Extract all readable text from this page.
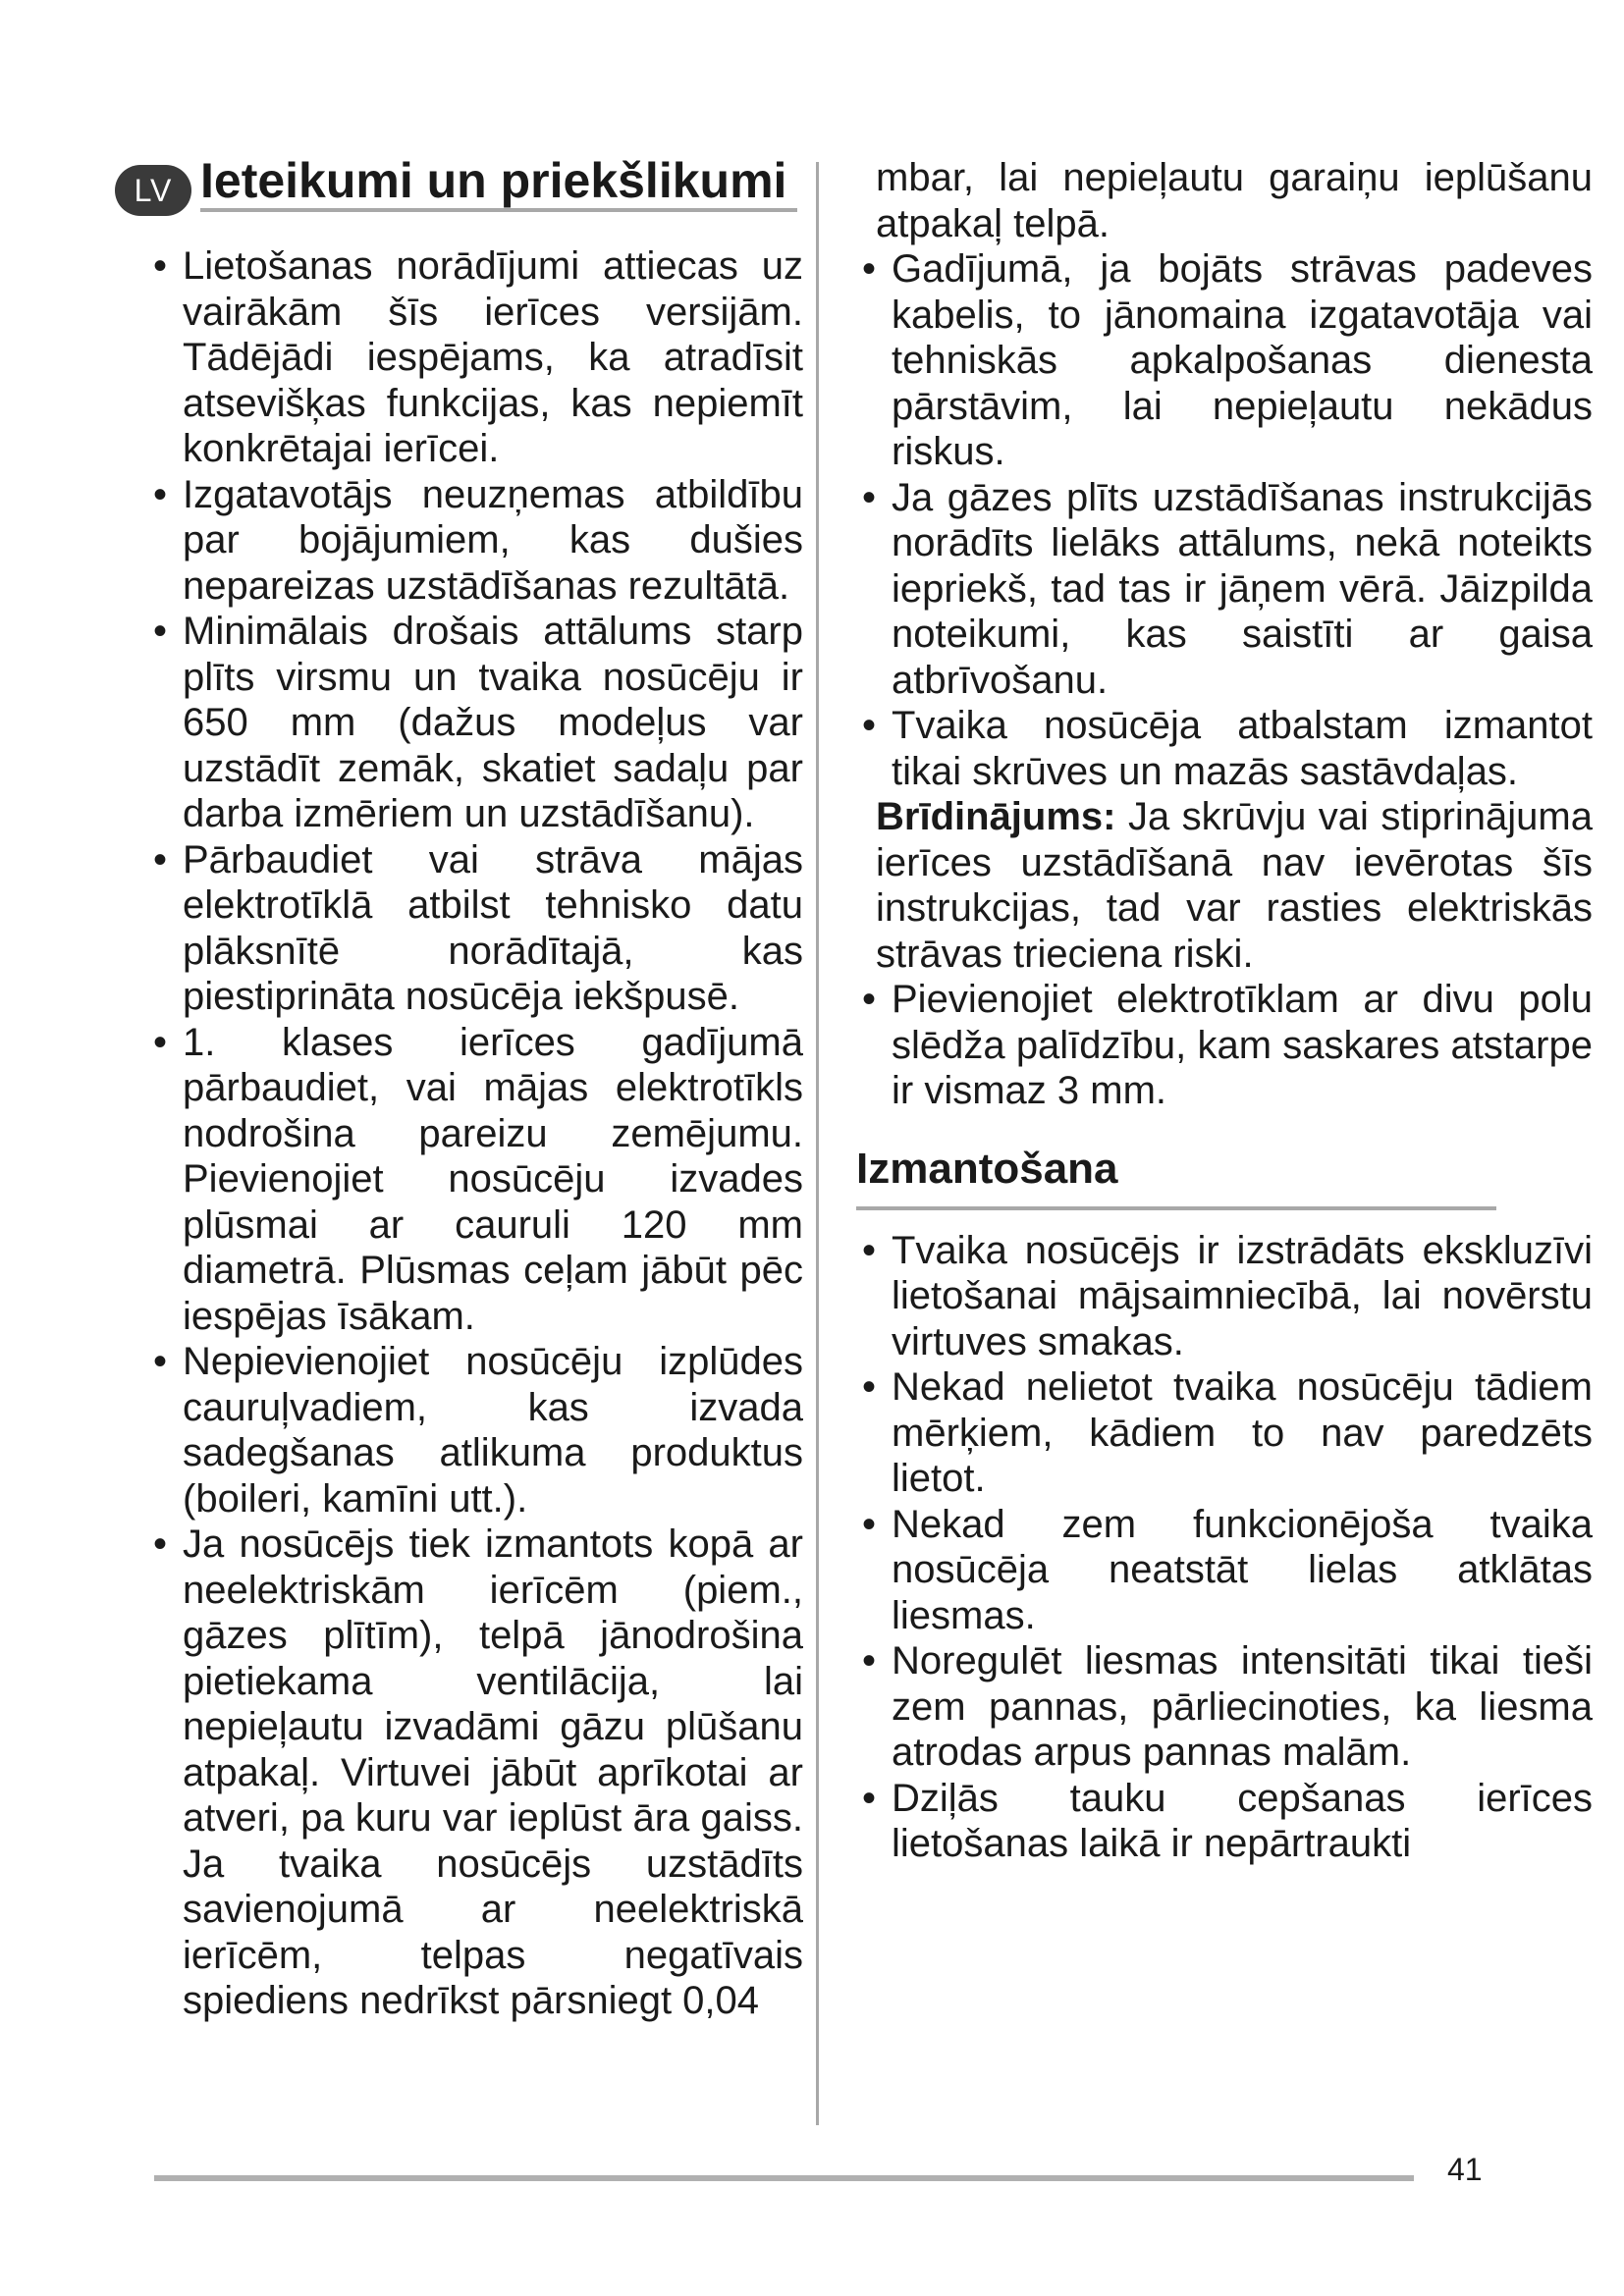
LV Ieteikumi un priekšlikumi
• Lietošanas norādījumi attiecas uz vairākām šīs ierīces versijām. Tādējādi iespējams, ka atradīsit atsevišķas funkcijas, kas nepiemīt konkrētajai ierīcei.
• Izgatavotājs neuzņemas atbildību par bojājumiem, kas dušies nepareizas uzstādīšanas rezultātā.
• Minimālais drošais attālums starp plīts virsmu un tvaika nosūcēju ir 650 mm (dažus modeļus var uzstādīt zemāk, skatiet sadaļu par darba izmēriem un uzstādīšanu).
• Pārbaudiet vai strāva mājas elektrotīklā atbilst tehnisko datu plāksnītē norādītajā, kas piestiprināta nosūcēja iekšpusē.
• 1. klases ierīces gadījumā pārbaudiet, vai mājas elektrotīkls nodrošina pareizu zemējumu. Pievienojiet nosūcēju izvades plūsmai ar cauruli 120 mm diametrā. Plūsmas ceļam jābūt pēc iespējas īsākam.
• Nepievienojiet nosūcēju izplūdes cauruļvadiem, kas izvada sadegšanas atlikuma produktus (boileri, kamīni utt.).
• Ja nosūcējs tiek izmantots kopā ar neelektriskām ierīcēm (piem., gāzes plītīm), telpā jānodrošina pietiekama ventilācija, lai nepieļautu izvadāmi gāzu plūšanu atpakaļ. Virtuvei jābūt aprīkotai ar atveri, pa kuru var ieplūst āra gaiss. Ja tvaika nosūcējs uzstādīts savienojumā ar neelektriskā ierīcēm, telpas negatīvais spiediens nedrīkst pārsniegt 0,04

mbar, lai nepieļautu garaiņu ieplūšanu atpakaļ telpā.

• Gadījumā, ja bojāts strāvas padeves kabelis, to jānomaina izgatavotāja vai tehniskās apkalpošanas dienesta pārstāvim, lai nepieļautu nekādus riskus.
• Ja gāzes plīts uzstādīšanas instrukcijās norādīts lielāks attālums, nekā noteikts iepriekš, tad tas ir jāņem vērā. Jāizpilda noteikumi, kas saistīti ar gaisa atbrīvošanu.
• Tvaika nosūcēja atbalstam izmantot tikai skrūves un mazās sastāvdaļas.

Brīdinājums: Ja skrūvju vai stiprinājuma ierīces uzstādīšanā nav ievērotas šīs instrukcijas, tad var rasties elektriskās strāvas trieciena riski.

• Pievienojiet elektrotīklam ar divu polu slēdža palīdzību, kam saskares atstarpe ir vismaz 3 mm.
Izmantošana
• Tvaika nosūcējs ir izstrādāts ekskluzīvi lietošanai mājsaimniecībā, lai novērstu virtuves smakas.
• Nekad nelietot tvaika nosūcēju tādiem mērķiem, kādiem to nav paredzēts lietot.
• Nekad zem funkcionējoša tvaika nosūcēja neatstāt lielas atklātas liesmas.
• Noregulēt liesmas intensitāti tikai tieši zem pannas, pārliecinoties, ka liesma atrodas arpus pannas malām.
• Dziļās tauku cepšanas ierīces lietošanas laikā ir nepārtraukti
41
